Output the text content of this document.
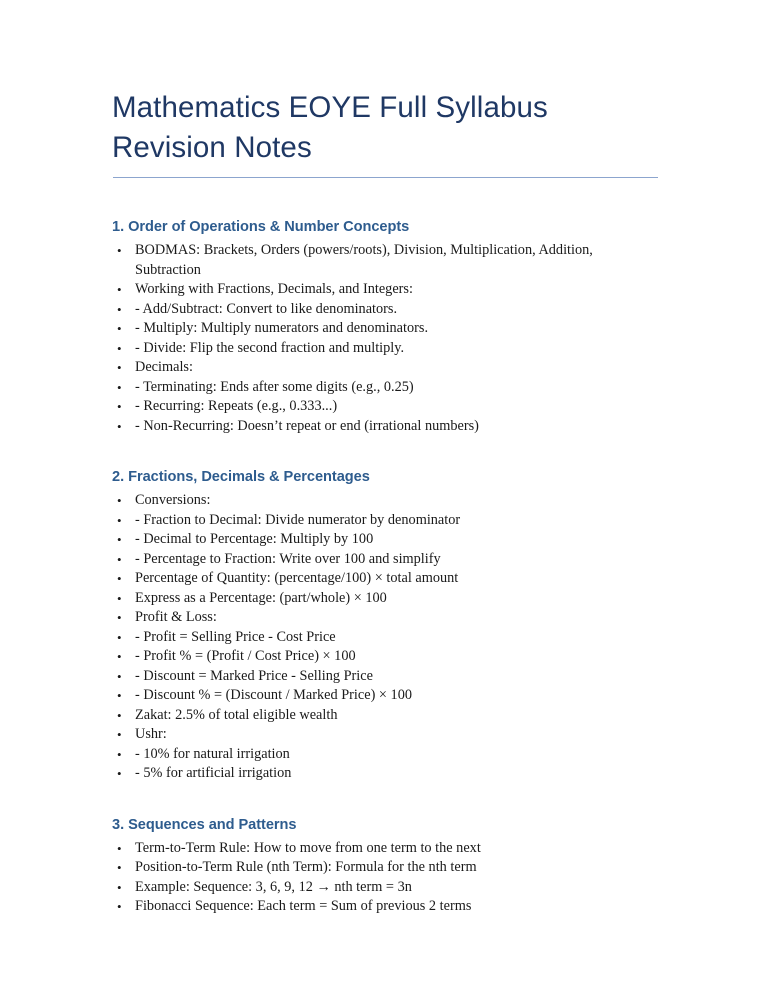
Mathematics EOYE Full Syllabus
Revision Notes
1. Order of Operations & Number Concepts
• BODMAS: Brackets, Orders (powers/roots), Division, Multiplication, Addition, Subtraction
• Working with Fractions, Decimals, and Integers:
• - Add/Subtract: Convert to like denominators.
• - Multiply: Multiply numerators and denominators.
• - Divide: Flip the second fraction and multiply.
• Decimals:
• - Terminating: Ends after some digits (e.g., 0.25)
• - Recurring: Repeats (e.g., 0.333...)
• - Non-Recurring: Doesn’t repeat or end (irrational numbers)
2. Fractions, Decimals & Percentages
• Conversions:
• - Fraction to Decimal: Divide numerator by denominator
• - Decimal to Percentage: Multiply by 100
• - Percentage to Fraction: Write over 100 and simplify
• Percentage of Quantity: (percentage/100) × total amount
• Express as a Percentage: (part/whole) × 100
• Profit & Loss:
• - Profit = Selling Price - Cost Price
• - Profit % = (Profit / Cost Price) × 100
• - Discount = Marked Price - Selling Price
• - Discount % = (Discount / Marked Price) × 100
• Zakat: 2.5% of total eligible wealth
• Ushr:
• - 10% for natural irrigation
• - 5% for artificial irrigation
3. Sequences and Patterns
• Term-to-Term Rule: How to move from one term to the next
• Position-to-Term Rule (nth Term): Formula for the nth term
• Example: Sequence: 3, 6, 9, 12 → nth term = 3n
• Fibonacci Sequence: Each term = Sum of previous 2 terms
